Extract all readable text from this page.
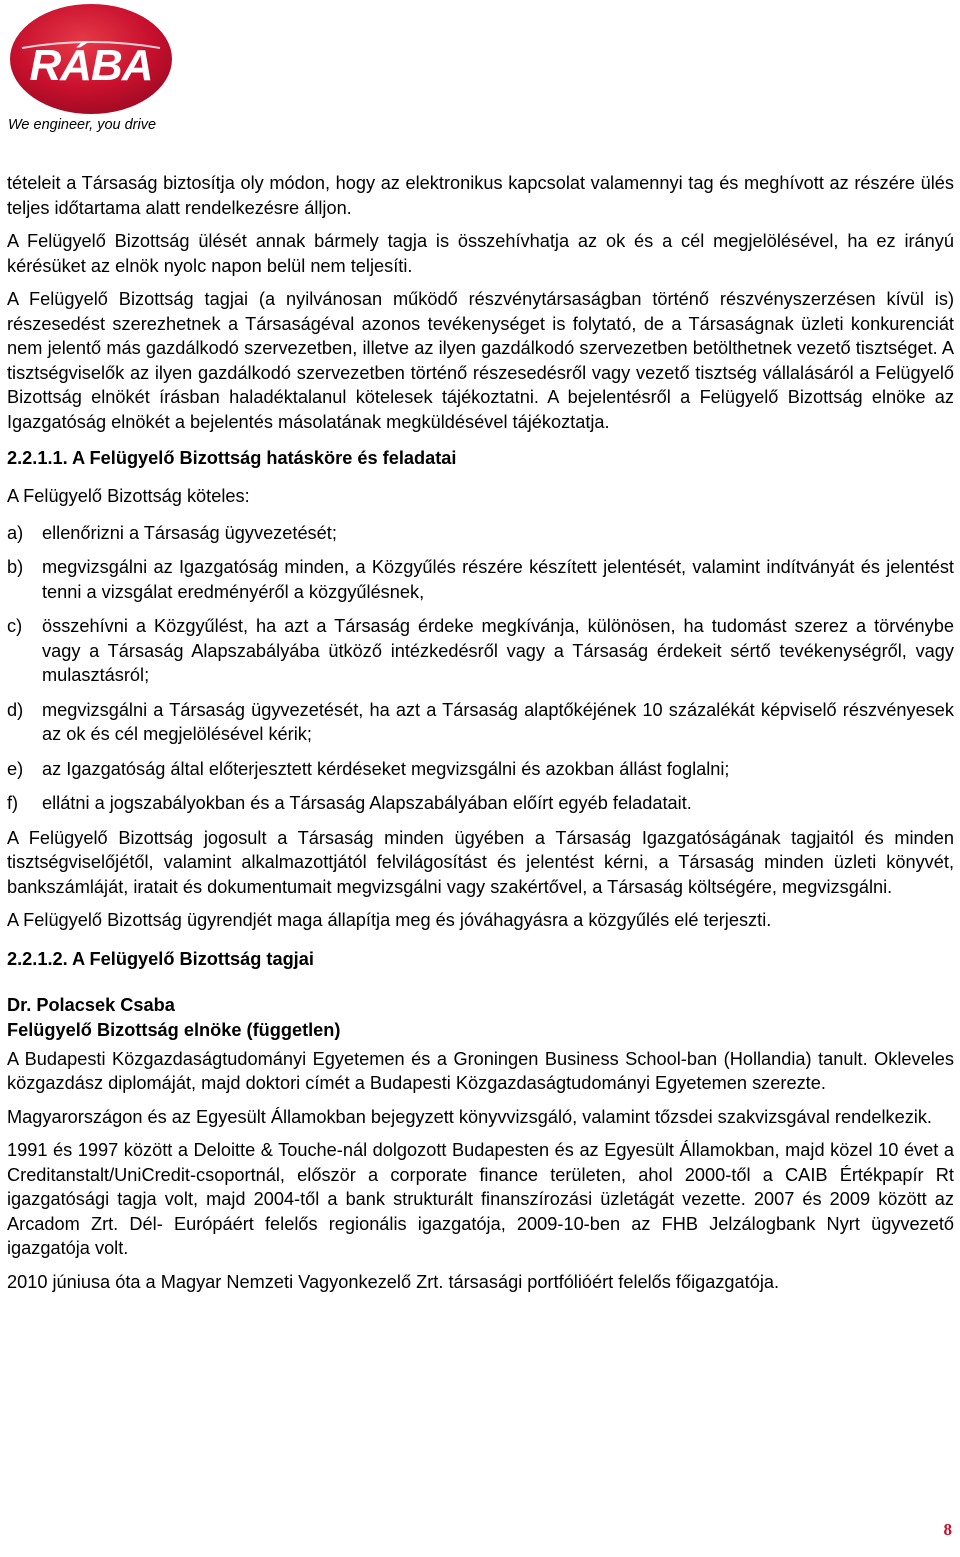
RÁBA
We engineer, you drive

tételeit a Társaság biztosítja oly módon, hogy az elektronikus kapcsolat valamennyi tag és meghívott az részére ülés teljes időtartama alatt rendelkezésre álljon.

A Felügyelő Bizottság ülését annak bármely tagja is összehívhatja az ok és a cél megjelölésével, ha ez irányú kérésüket az elnök nyolc napon belül nem teljesíti.

A Felügyelő Bizottság tagjai (a nyilvánosan működő részvénytársaságban történő részvényszerzésen kívül is) részesedést szerezhetnek a Társaságéval azonos tevékenységet is folytató, de a Társaságnak üzleti konkurenciát nem jelentő más gazdálkodó szervezetben, illetve az ilyen gazdálkodó szervezetben betölthetnek vezető tisztséget. A tisztségviselők az ilyen gazdálkodó szervezetben történő részesedésről vagy vezető tisztség vállalásáról a Felügyelő Bizottság elnökét írásban haladéktalanul kötelesek tájékoztatni. A bejelentésről a Felügyelő Bizottság elnöke az Igazgatóság elnökét a bejelentés másolatának megküldésével tájékoztatja.

2.2.1.1. A Felügyelő Bizottság hatásköre és feladatai

A Felügyelő Bizottság köteles:

a)	ellenőrizni a Társaság ügyvezetését;
b)	megvizsgálni az Igazgatóság minden, a Közgyűlés részére készített jelentését, valamint indítványát és jelentést tenni a vizsgálat eredményéről a közgyűlésnek,
c)	összehívni a Közgyűlést, ha azt a Társaság érdeke megkívánja, különösen, ha tudomást szerez a törvénybe vagy a Társaság Alapszabályába ütköző intézkedésről vagy a Társaság érdekeit sértő tevékenységről, vagy mulasztásról;
d)	megvizsgálni a Társaság ügyvezetését, ha azt a Társaság alaptőkéjének 10 százalékát képviselő részvényesek az ok és cél megjelölésével kérik;
e)	az Igazgatóság által előterjesztett kérdéseket megvizsgálni és azokban állást foglalni;
f)	ellátni a jogszabályokban és a Társaság Alapszabályában előírt egyéb feladatait.

A Felügyelő Bizottság jogosult a Társaság minden ügyében a Társaság Igazgatóságának tagjaitól és minden tisztségviselőjétől, valamint alkalmazottjától felvilágosítást és jelentést kérni, a Társaság minden üzleti könyvét, bankszámláját, iratait és dokumentumait megvizsgálni vagy szakértővel, a Társaság költségére, megvizsgálni.

A Felügyelő Bizottság ügyrendjét maga állapítja meg és jóváhagyásra a közgyűlés elé terjeszti.

2.2.1.2. A Felügyelő Bizottság tagjai
Dr. Polacsek Csaba
Felügyelő Bizottság elnöke (független)

A Budapesti Közgazdaságtudományi Egyetemen és a Groningen Business School-ban (Hollandia) tanult. Okleveles közgazdász diplomáját, majd doktori címét a Budapesti Közgazdaságtudományi Egyetemen szerezte.

Magyarországon és az Egyesült Államokban bejegyzett könyvvizsgáló, valamint tőzsdei szakvizsgával rendelkezik.

1991 és 1997 között a Deloitte & Touche-nál dolgozott Budapesten és az Egyesült Államokban, majd közel 10 évet a Creditanstalt/UniCredit-csoportnál, először a corporate finance területen, ahol 2000-től a CAIB Értékpapír Rt igazgatósági tagja volt, majd 2004-től a bank strukturált finanszírozási üzletágát vezette. 2007 és 2009 között az Arcadom Zrt. Dél- Európáért felelős regionális igazgatója, 2009-10-ben az FHB Jelzálogbank Nyrt ügyvezető igazgatója volt.

2010 júniusa óta a Magyar Nemzeti Vagyonkezelő Zrt. társasági portfólióért felelős főigazgatója.

8
